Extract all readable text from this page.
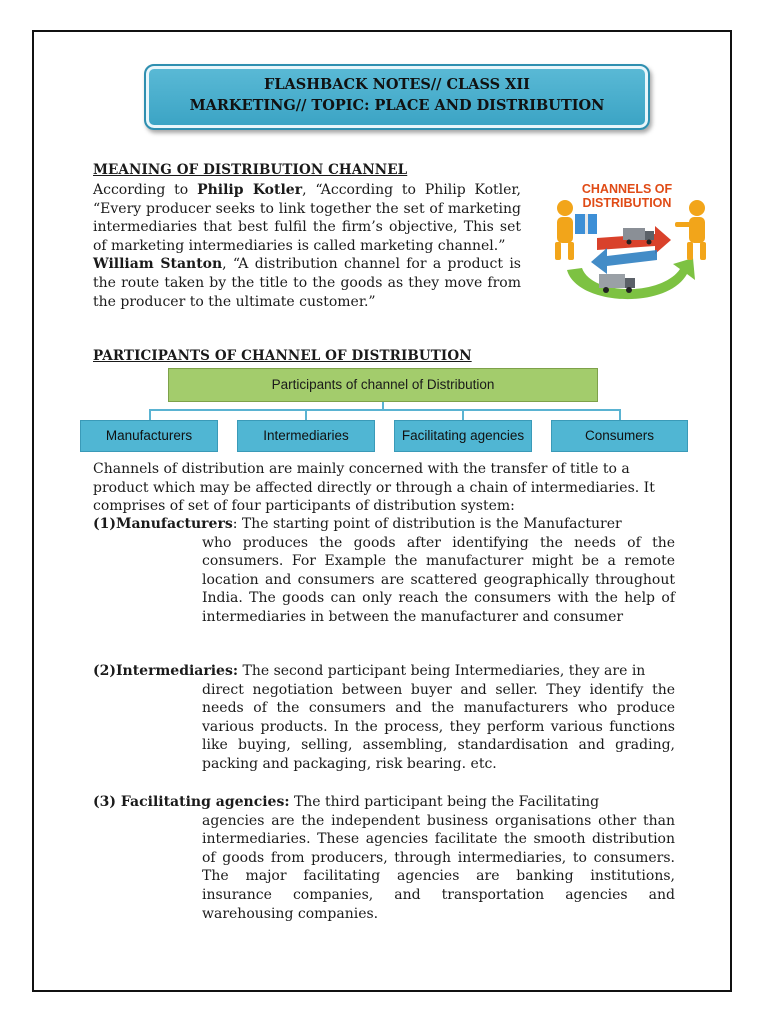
FLASHBACK NOTES// CLASS XII
MARKETING// TOPIC: PLACE AND DISTRIBUTION
MEANING OF DISTRIBUTION CHANNEL
According to Philip Kotler, “According to Philip Kotler, “Every producer seeks to link together the set of marketing intermediaries that best fulfil the firm’s objective, This set of marketing intermediaries is called marketing channel.”
William Stanton, “A distribution channel for a product is the route taken by the title to the goods as they move from the producer to the ultimate customer.”
CHANNELS OF DISTRIBUTION
PARTICIPANTS OF CHANNEL OF DISTRIBUTION
Participants of channel of Distribution
Manufacturers	Intermediaries	Facilitating agencies	Consumers
Channels of distribution are mainly concerned with the transfer of title to a product which may be affected directly or through a chain of intermediaries. It comprises of set of four participants of distribution system:
(1)Manufacturers: The starting point of distribution is the Manufacturer
who produces the goods after identifying the needs of the consumers. For Example the manufacturer might be a remote location and consumers are scattered geographically throughout India. The goods can only reach the consumers with the help of intermediaries in between the manufacturer and consumer
(2)Intermediaries: The second participant being Intermediaries, they are in
direct negotiation between buyer and seller. They identify the needs of the consumers and the manufacturers who produce various products. In the process, they perform various functions like buying, selling, assembling, standardisation and grading, packing and packaging, risk bearing. etc.
(3) Facilitating agencies: The third participant being the Facilitating
agencies are the independent business organisations other than intermediaries. These agencies facilitate the smooth distribution of goods from producers, through intermediaries, to consumers. The major facilitating agencies are banking institutions, insurance companies, and transportation agencies and warehousing companies.
